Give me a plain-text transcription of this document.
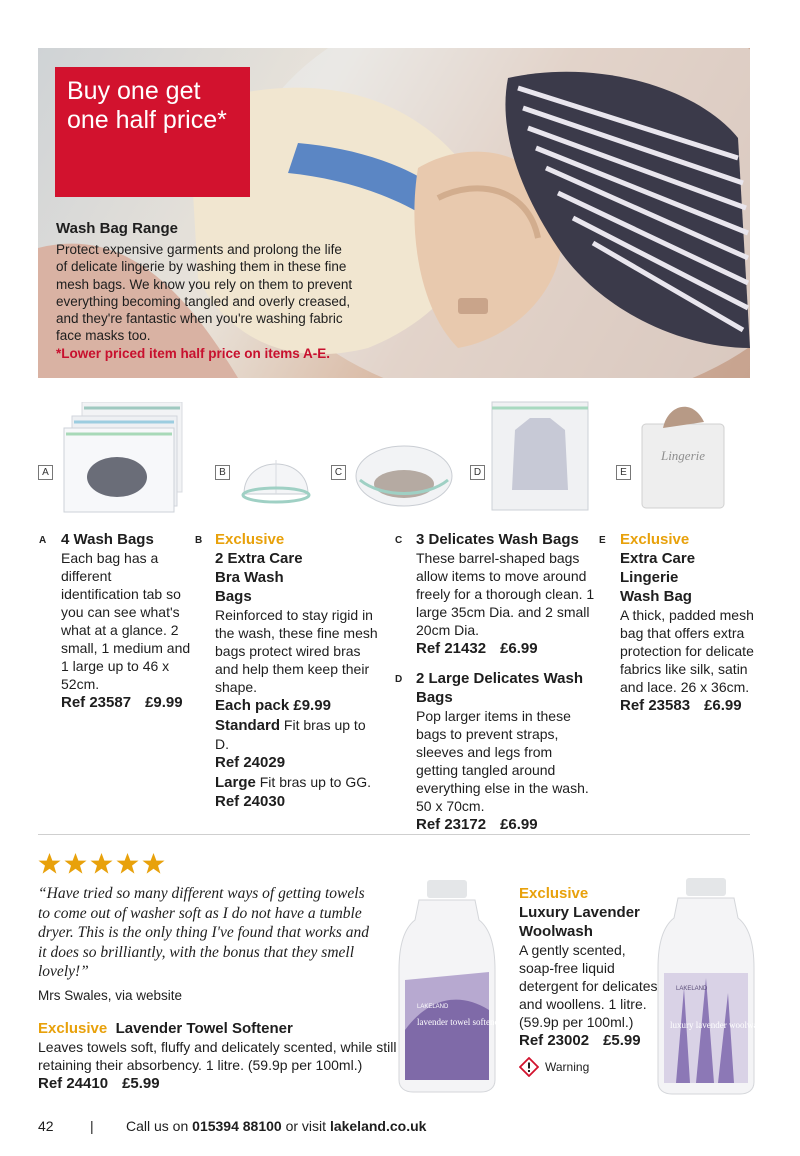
Buy one get one half price*
Wash Bag Range
Protect expensive garments and prolong the life of delicate lingerie by washing them in these fine mesh bags. We know you rely on them to prevent everything becoming tangled and overly creased, and they're fantastic when you're washing fabric face masks too.
*Lower priced item half price on items A-E.
A	B	C	D
Lingerie
E
A 4 Wash Bags
Each bag has a different identification tab so you can see what's what at a glance. 2 small, 1 medium and 1 large up to 46 x 52cm.
Ref 23587 £9.99
B Exclusive
2 Extra Care Bra Wash Bags
Reinforced to stay rigid in the wash, these fine mesh bags protect wired bras and help them keep their shape.
Each pack £9.99
Standard Fit bras up to D.
Ref 24029
Large Fit bras up to GG.
Ref 24030
C 3 Delicates Wash Bags
These barrel-shaped bags allow items to move around freely for a thorough clean. 1 large 35cm Dia. and 2 small 20cm Dia.
Ref 21432 £6.99
D 2 Large Delicates Wash Bags
Pop larger items in these bags to prevent straps, sleeves and legs from getting tangled around everything else in the wash. 50 x 70cm.
Ref 23172 £6.99
E Exclusive
Extra Care Lingerie Wash Bag
A thick, padded mesh bag that offers extra protection for delicate fabrics like silk, satin and lace. 26 x 36cm.
Ref 23583 £6.99
“Have tried so many different ways of getting towels to come out of washer soft as I do not have a tumble dryer. This is the only thing I've found that works and it does so brilliantly, with the bonus that they smell lovely!”
Mrs Swales, via website
Exclusive Lavender Towel Softener
Leaves towels soft, fluffy and delicately scented, while still retaining their absorbency. 1 litre. (59.9p per 100ml.)
Ref 24410 £5.99
LAKELAND
lavender towel softener
Exclusive
Luxury Lavender Woolwash
A gently scented, soap-free liquid detergent for delicates and woollens. 1 litre. (59.9p per 100ml.)
Ref 23002 £5.99
Warning
LAKELAND
luxury lavender woolwash
42	|	Call us on
015394 88100
or visit
lakeland.co.uk
